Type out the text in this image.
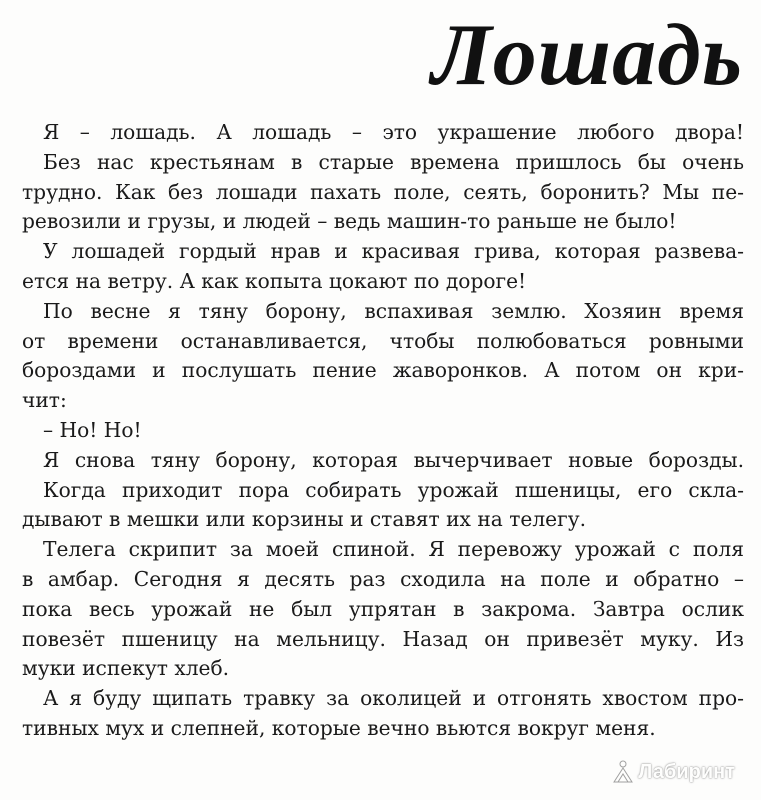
Лошадь
Я – лошадь. А лошадь – это украшение любого двора!
Без нас крестьянам в старые времена пришлось бы очень
трудно. Как без лошади пахать поле, сеять, боронить? Мы пе-
ревозили и грузы, и людей – ведь машин-то раньше не было!
У лошадей гордый нрав и красивая грива, которая развева-
ется на ветру. А как копыта цокают по дороге!
По весне я тяну борону, вспахивая землю. Хозяин время
от времени останавливается, чтобы полюбоваться ровными
бороздами и послушать пение жаворонков. А потом он кри-
чит:
– Но! Но!
Я снова тяну борону, которая вычерчивает новые борозды.
Когда приходит пора собирать урожай пшеницы, его скла-
дывают в мешки или корзины и ставят их на телегу.
Телега скрипит за моей спиной. Я перевожу урожай с поля
в амбар. Сегодня я десять раз сходила на поле и обратно –
пока весь урожай не был упрятан в закрома. Завтра ослик
повезёт пшеницу на мельницу. Назад он привезёт муку. Из
муки испекут хлеб.
А я буду щипать травку за околицей и отгонять хвостом про-
тивных мух и слепней, которые вечно вьются вокруг меня.
Лабиринт
